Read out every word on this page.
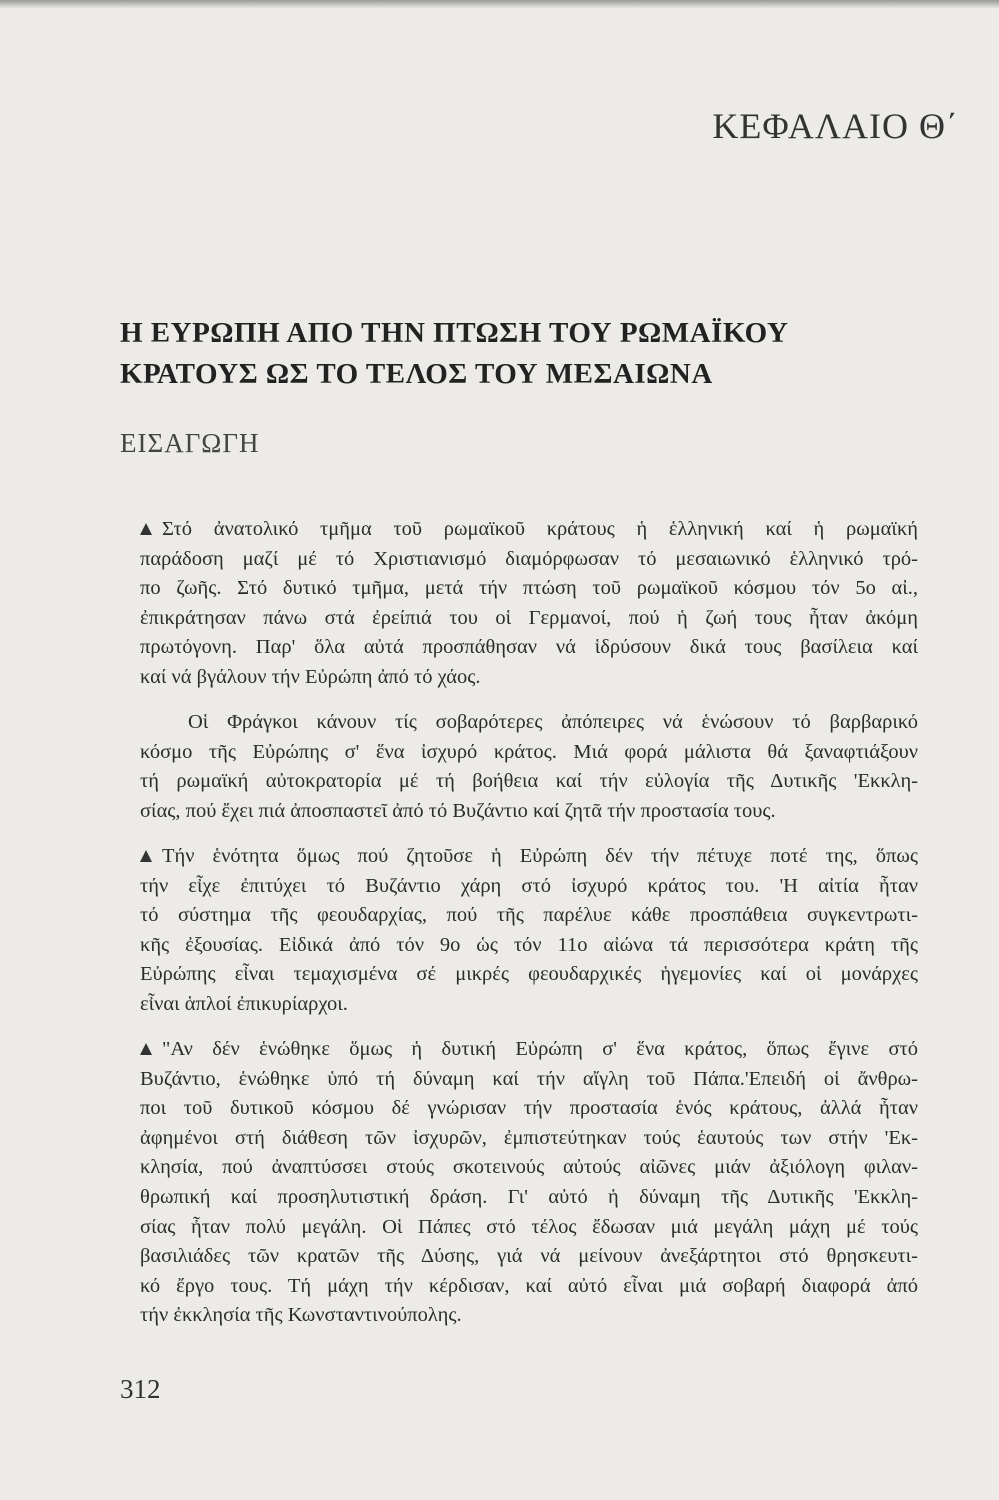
ΚΕΦΑΛΑΙΟ Θ΄
Η ΕΥΡΩΠΗ ΑΠΟ ΤΗΝ ΠΤΩΣΗ ΤΟΥ ΡΩΜΑΪΚΟΥ
ΚΡΑΤΟΥΣ ΩΣ ΤΟ ΤΕΛΟΣ ΤΟΥ ΜΕΣΑΙΩΝΑ
ΕΙΣΑΓΩΓΗ
Στό ἀνατολικό τμῆμα τοῦ ρωμαϊκοῦ κράτους ἡ ἑλληνική καί ἡ ρωμαϊκή
παράδοση μαζί μέ τό Χριστιανισμό διαμόρφωσαν τό μεσαιωνικό ἑλληνικό τρό-
πο ζωῆς. Στό δυτικό τμῆμα, μετά τήν πτώση τοῦ ρωμαϊκοῦ κόσμου τόν 5ο αἰ.,
ἐπικράτησαν πάνω στά ἐρείπιά του οἱ Γερμανοί, πού ἡ ζωή τους ἦταν ἀκόμη
πρωτόγονη. Παρ' ὅλα αὐτά προσπάθησαν νά ἱδρύσουν δικά τους βασίλεια καί
καί νά βγάλουν τήν Εὐρώπη ἀπό τό χάος.
Οἱ Φράγκοι κάνουν τίς σοβαρότερες ἀπόπειρες νά ἑνώσουν τό βαρβαρικό
κόσμο τῆς Εὐρώπης σ' ἕνα ἰσχυρό κράτος. Μιά φορά μάλιστα θά ξαναφτιάξουν
τή ρωμαϊκή αὐτοκρατορία μέ τή βοήθεια καί τήν εὐλογία τῆς Δυτικῆς 'Εκκλη-
σίας, πού ἔχει πιά ἀποσπαστεῖ ἀπό τό Βυζάντιο καί ζητᾶ τήν προστασία τους.
Τήν ἑνότητα ὅμως πού ζητοῦσε ἡ Εὐρώπη δέν τήν πέτυχε ποτέ της, ὅπως
τήν εἶχε ἐπιτύχει τό Βυζάντιο χάρη στό ἰσχυρό κράτος του. 'Η αἰτία ἦταν
τό σύστημα τῆς φεουδαρχίας, πού τῆς παρέλυε κάθε προσπάθεια συγκεντρωτι-
κῆς ἐξουσίας. Εἰδικά ἀπό τόν 9ο ὡς τόν 11ο αἰώνα τά περισσότερα κράτη τῆς
Εὐρώπης εἶναι τεμαχισμένα σέ μικρές φεουδαρχικές ἡγεμονίες καί οἱ μονάρχες
εἶναι ἁπλοί ἐπικυρίαρχοι.
"Αν δέν ἑνώθηκε ὅμως ἡ δυτική Εὐρώπη σ' ἕνα κράτος, ὅπως ἔγινε στό
Βυζάντιο, ἑνώθηκε ὑπό τή δύναμη καί τήν αἴγλη τοῦ Πάπα.'Επειδή οἱ ἄνθρω-
ποι τοῦ δυτικοῦ κόσμου δέ γνώρισαν τήν προστασία ἑνός κράτους, ἀλλά ἦταν
ἀφημένοι στή διάθεση τῶν ἰσχυρῶν, ἐμπιστεύτηκαν τούς ἑαυτούς των στήν 'Εκ-
κλησία, πού ἀναπτύσσει στούς σκοτεινούς αὐτούς αἰῶνες μιάν ἀξιόλογη φιλαν-
θρωπική καί προσηλυτιστική δράση. Γι' αὐτό ἡ δύναμη τῆς Δυτικῆς 'Εκκλη-
σίας ἦταν πολύ μεγάλη. Οἱ Πάπες στό τέλος ἔδωσαν μιά μεγάλη μάχη μέ τούς
βασιλιάδες τῶν κρατῶν τῆς Δύσης, γιά νά μείνουν ἀνεξάρτητοι στό θρησκευτι-
κό ἔργο τους. Τή μάχη τήν κέρδισαν, καί αὐτό εἶναι μιά σοβαρή διαφορά ἀπό
τήν ἐκκλησία τῆς Κωνσταντινούπολης.
312
